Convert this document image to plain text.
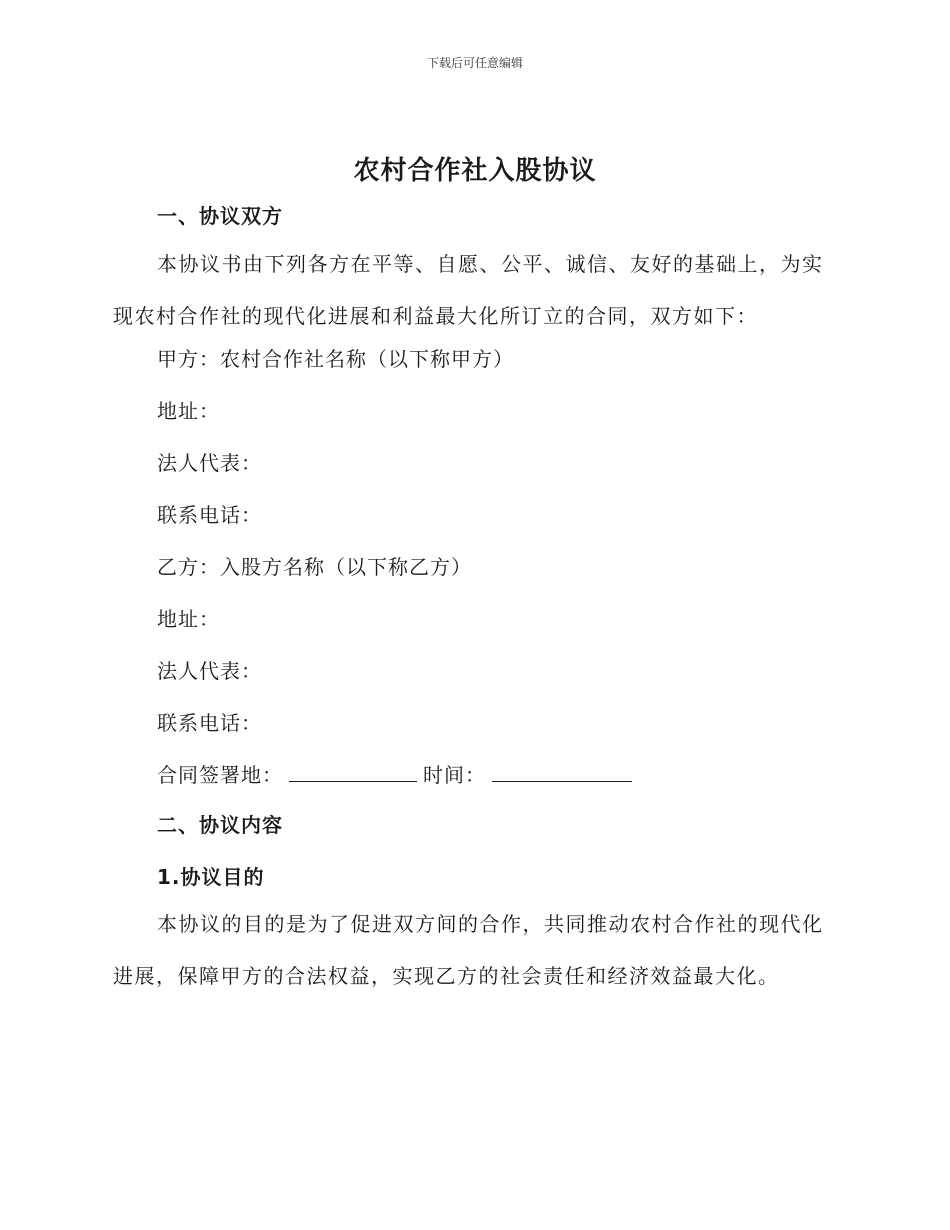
下载后可任意编辑
农村合作社入股协议
一、协议双方
本协议书由下列各方在平等、自愿、公平、诚信、友好的基础上，为实现农村合作社的现代化进展和利益最大化所订立的合同，双方如下：
甲方：农村合作社名称（以下称甲方）
地址：
法人代表：
联系电话：
乙方：入股方名称（以下称乙方）
地址：
法人代表：
联系电话：
合同签署地：	时间：
二、协议内容
1.协议目的
本协议的目的是为了促进双方间的合作，共同推动农村合作社的现代化进展，保障甲方的合法权益，实现乙方的社会责任和经济效益最大化。
